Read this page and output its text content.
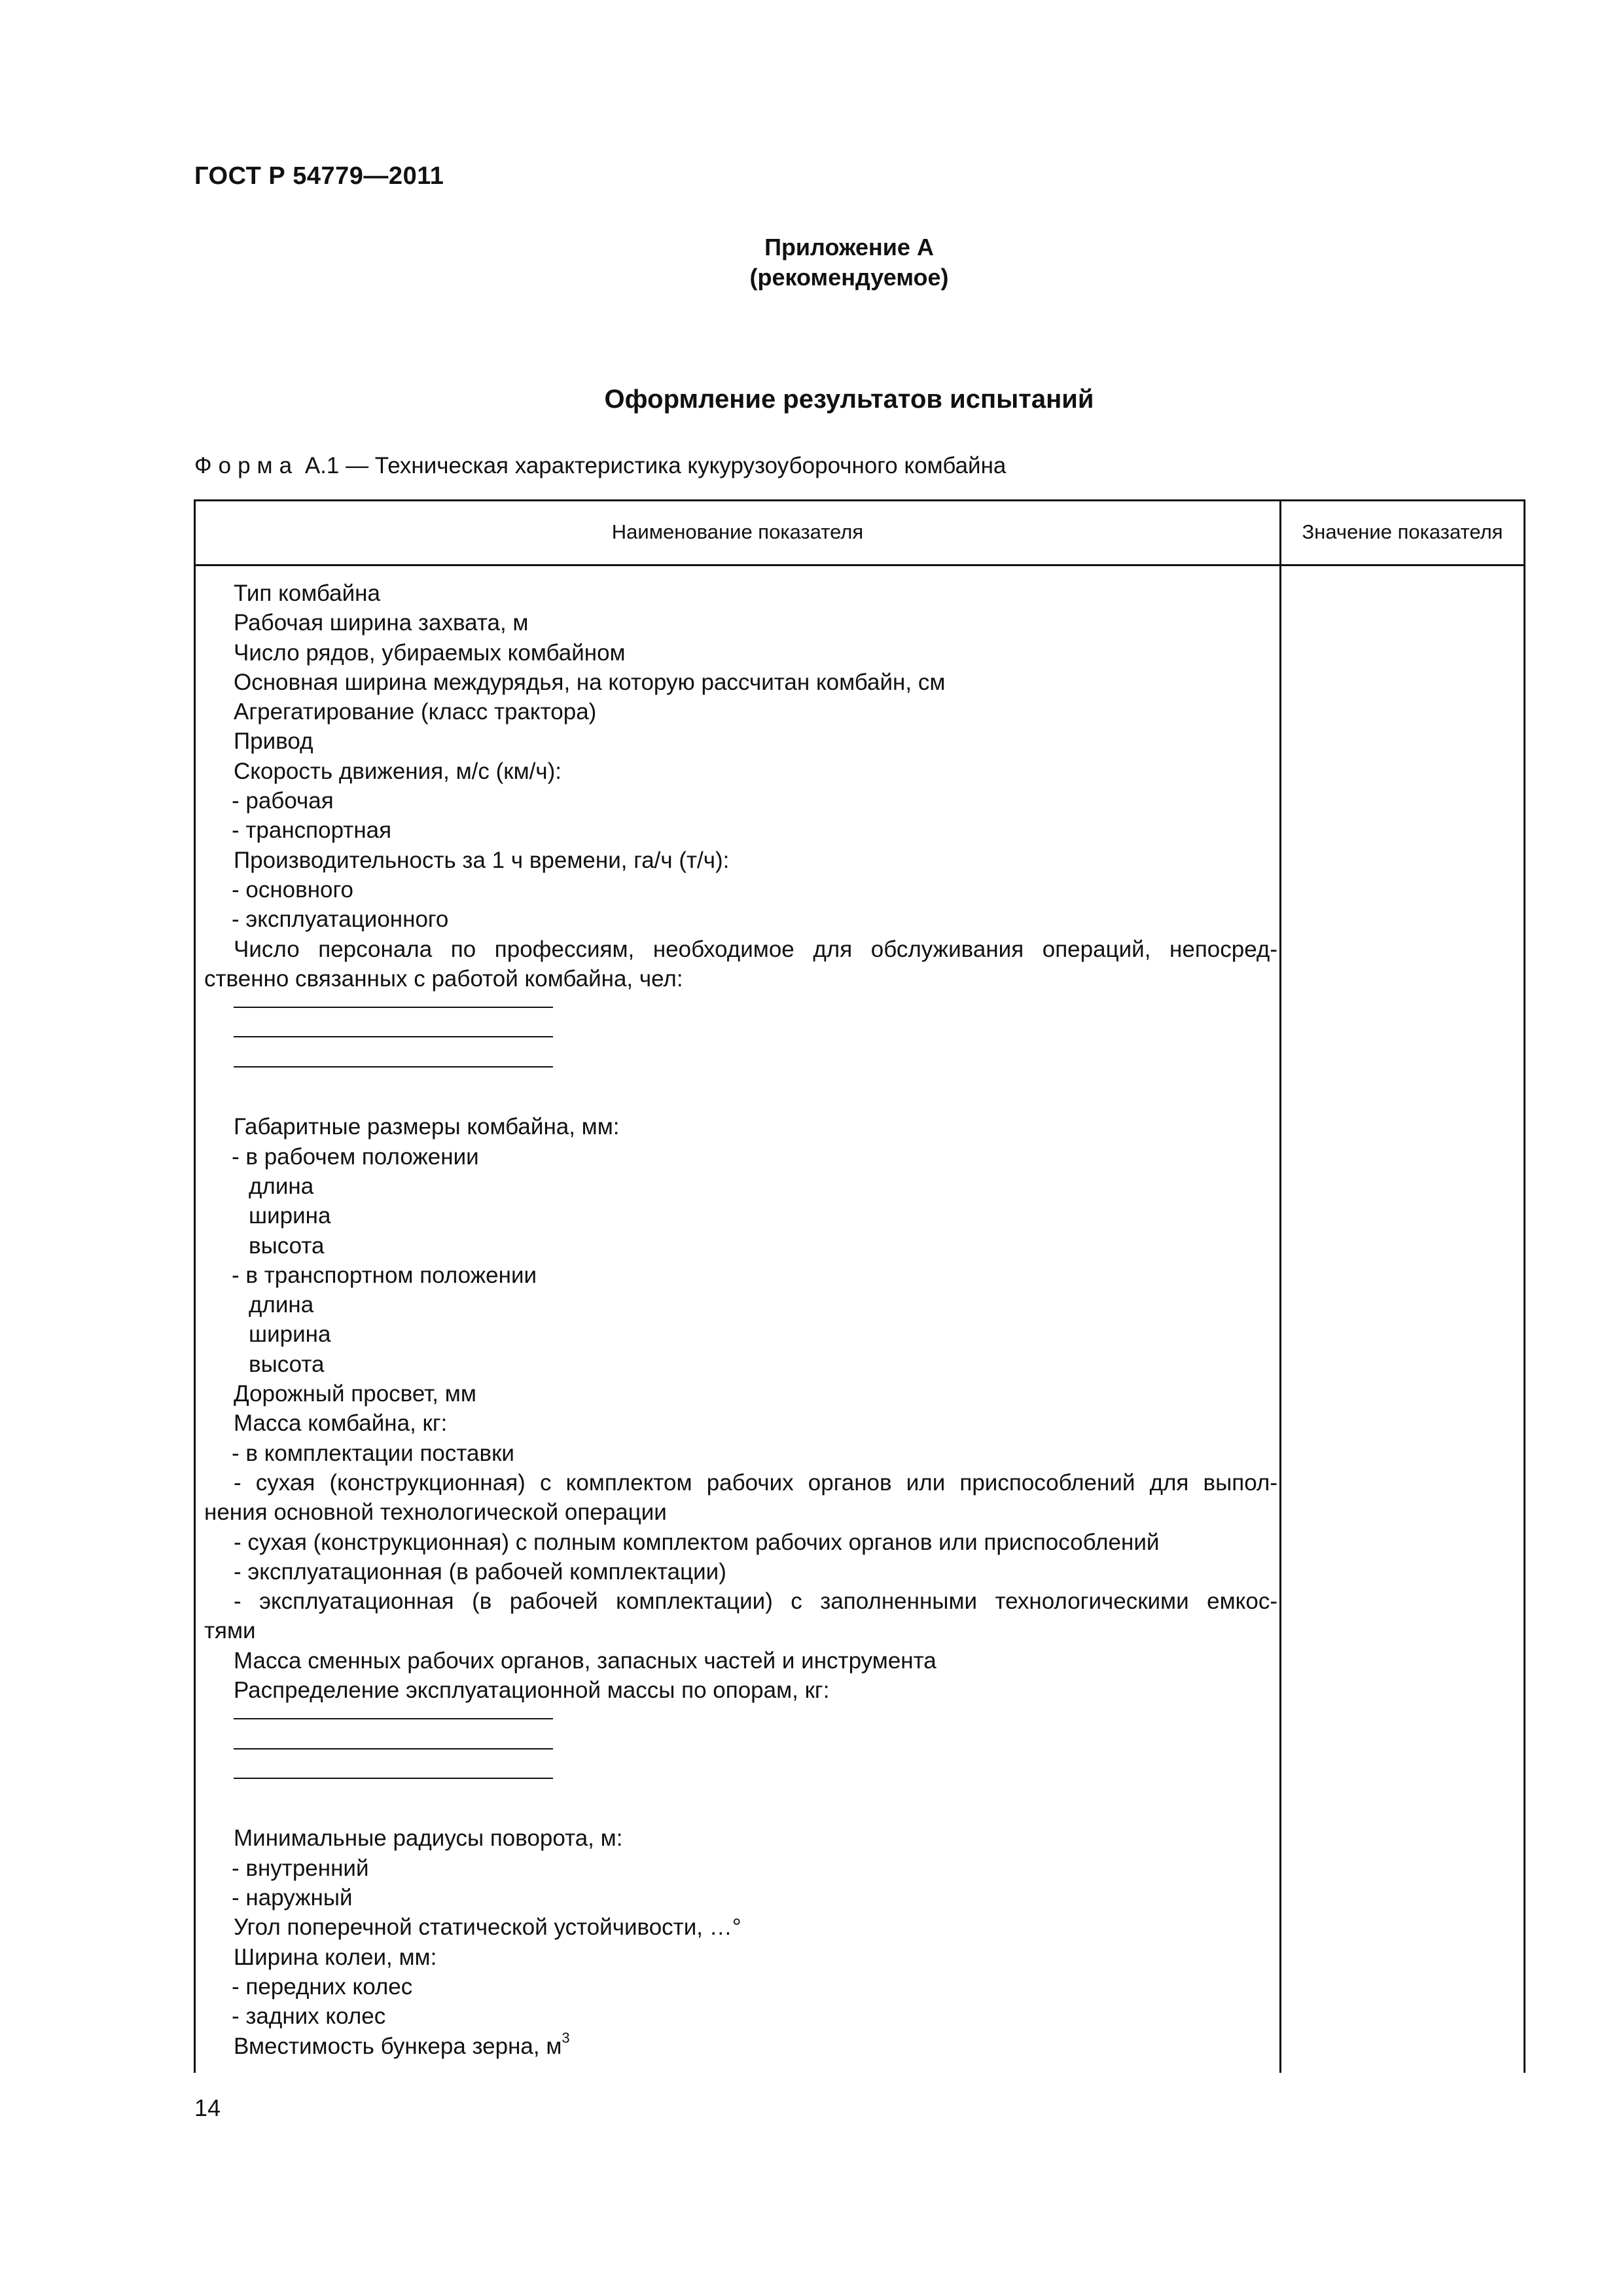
ГОСТ Р 54779—2011
Приложение А
(рекомендуемое)
Оформление результатов испытаний
Форма А.1 — Техническая характеристика кукурузоуборочного комбайна
Наименование показателя	Значение показателя
Тип комбайна
Рабочая ширина захвата, м
Число рядов, убираемых комбайном
Основная ширина междурядья, на которую рассчитан комбайн, см
Агрегатирование (класс трактора)
Привод
Скорость движения, м/с (км/ч):
- рабочая
- транспортная
Производительность за 1 ч времени, га/ч (т/ч):
- основного
- эксплуатационного
Число персонала по профессиям, необходимое для обслуживания операций, непосред-
ственно связанных с работой комбайна, чел:
Габаритные размеры комбайна, мм:
- в рабочем положении
длина
ширина
высота
- в транспортном положении
длина
ширина
высота
Дорожный просвет, мм
Масса комбайна, кг:
- в комплектации поставки
- сухая (конструкционная) с комплектом рабочих органов или приспособлений для выпол-
нения основной технологической операции
- сухая (конструкционная) с полным комплектом рабочих органов или приспособлений
- эксплуатационная (в рабочей комплектации)
- эксплуатационная (в рабочей комплектации) с заполненными технологическими емкос-
тями
Масса сменных рабочих органов, запасных частей и инструмента
Распределение эксплуатационной массы по опорам, кг:
Минимальные радиусы поворота, м:
- внутренний
- наружный
Угол поперечной статической устойчивости, …°
Ширина колеи, мм:
- передних колес
- задних колес
Вместимость бункера зерна, $м^3$
14
